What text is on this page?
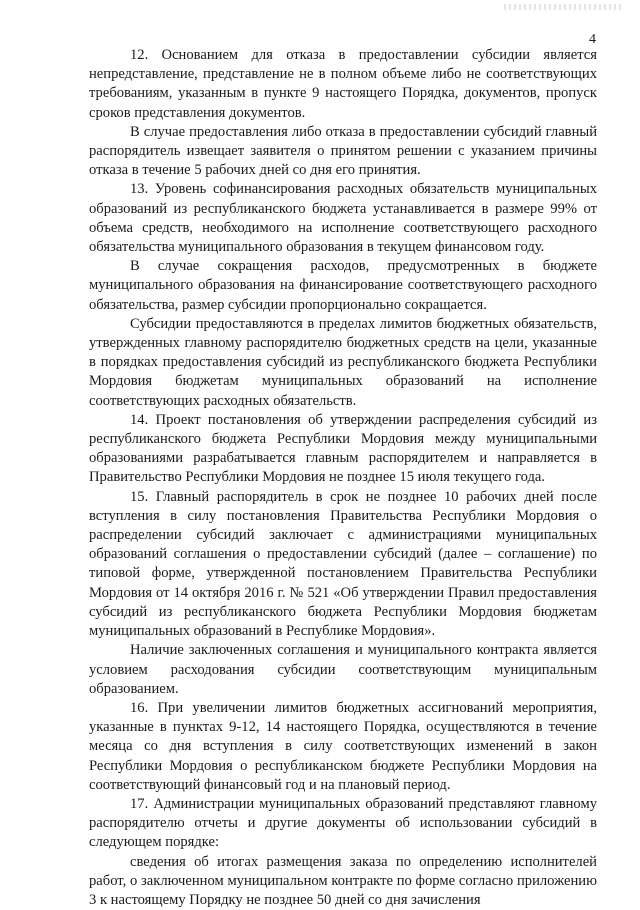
4

12. Основанием для отказа в предоставлении субсидии является непредставление, представление не в полном объеме либо не соответствующих требованиям, указанным в пункте 9 настоящего Порядка, документов, пропуск сроков представления документов.

В случае предоставления либо отказа в предоставлении субсидий главный распорядитель извещает заявителя о принятом решении с указанием причины отказа в течение 5 рабочих дней со дня его принятия.

13. Уровень софинансирования расходных обязательств муниципальных образований из республиканского бюджета устанавливается в размере 99% от объема средств, необходимого на исполнение соответствующего расходного обязательства муниципального образования в текущем финансовом году.

В случае сокращения расходов, предусмотренных в бюджете муниципального образования на финансирование соответствующего расходного обязательства, размер субсидии пропорционально сокращается.

Субсидии предоставляются в пределах лимитов бюджетных обязательств, утвержденных главному распорядителю бюджетных средств на цели, указанные в порядках предоставления субсидий из республиканского бюджета Республики Мордовия бюджетам муниципальных образований на исполнение соответствующих расходных обязательств.

14. Проект постановления об утверждении распределения субсидий из республиканского бюджета Республики Мордовия между муниципальными образованиями разрабатывается главным распорядителем и направляется в Правительство Республики Мордовия не позднее 15 июля текущего года.

15. Главный распорядитель в срок не позднее 10 рабочих дней после вступления в силу постановления Правительства Республики Мордовия о распределении субсидий заключает с администрациями муниципальных образований соглашения о предоставлении субсидий (далее – соглашение) по типовой форме, утвержденной постановлением Правительства Республики Мордовия от 14 октября 2016 г. № 521 «Об утверждении Правил предоставления субсидий из республиканского бюджета Республики Мордовия бюджетам муниципальных образований в Республике Мордовия».

Наличие заключенных соглашения и муниципального контракта является условием расходования субсидии соответствующим муниципальным образованием.

16. При увеличении лимитов бюджетных ассигнований мероприятия, указанные в пунктах 9-12, 14 настоящего Порядка, осуществляются в течение месяца со дня вступления в силу соответствующих изменений в закон Республики Мордовия о республиканском бюджете Республики Мордовия на соответствующий финансовый год и на плановый период.

17. Администрации муниципальных образований представляют главному распорядителю отчеты и другие документы об использовании субсидий в следующем порядке:

сведения об итогах размещения заказа по определению исполнителей работ, о заключенном муниципальном контракте по форме согласно приложению 3 к настоящему Порядку не позднее 50 дней со дня зачисления
